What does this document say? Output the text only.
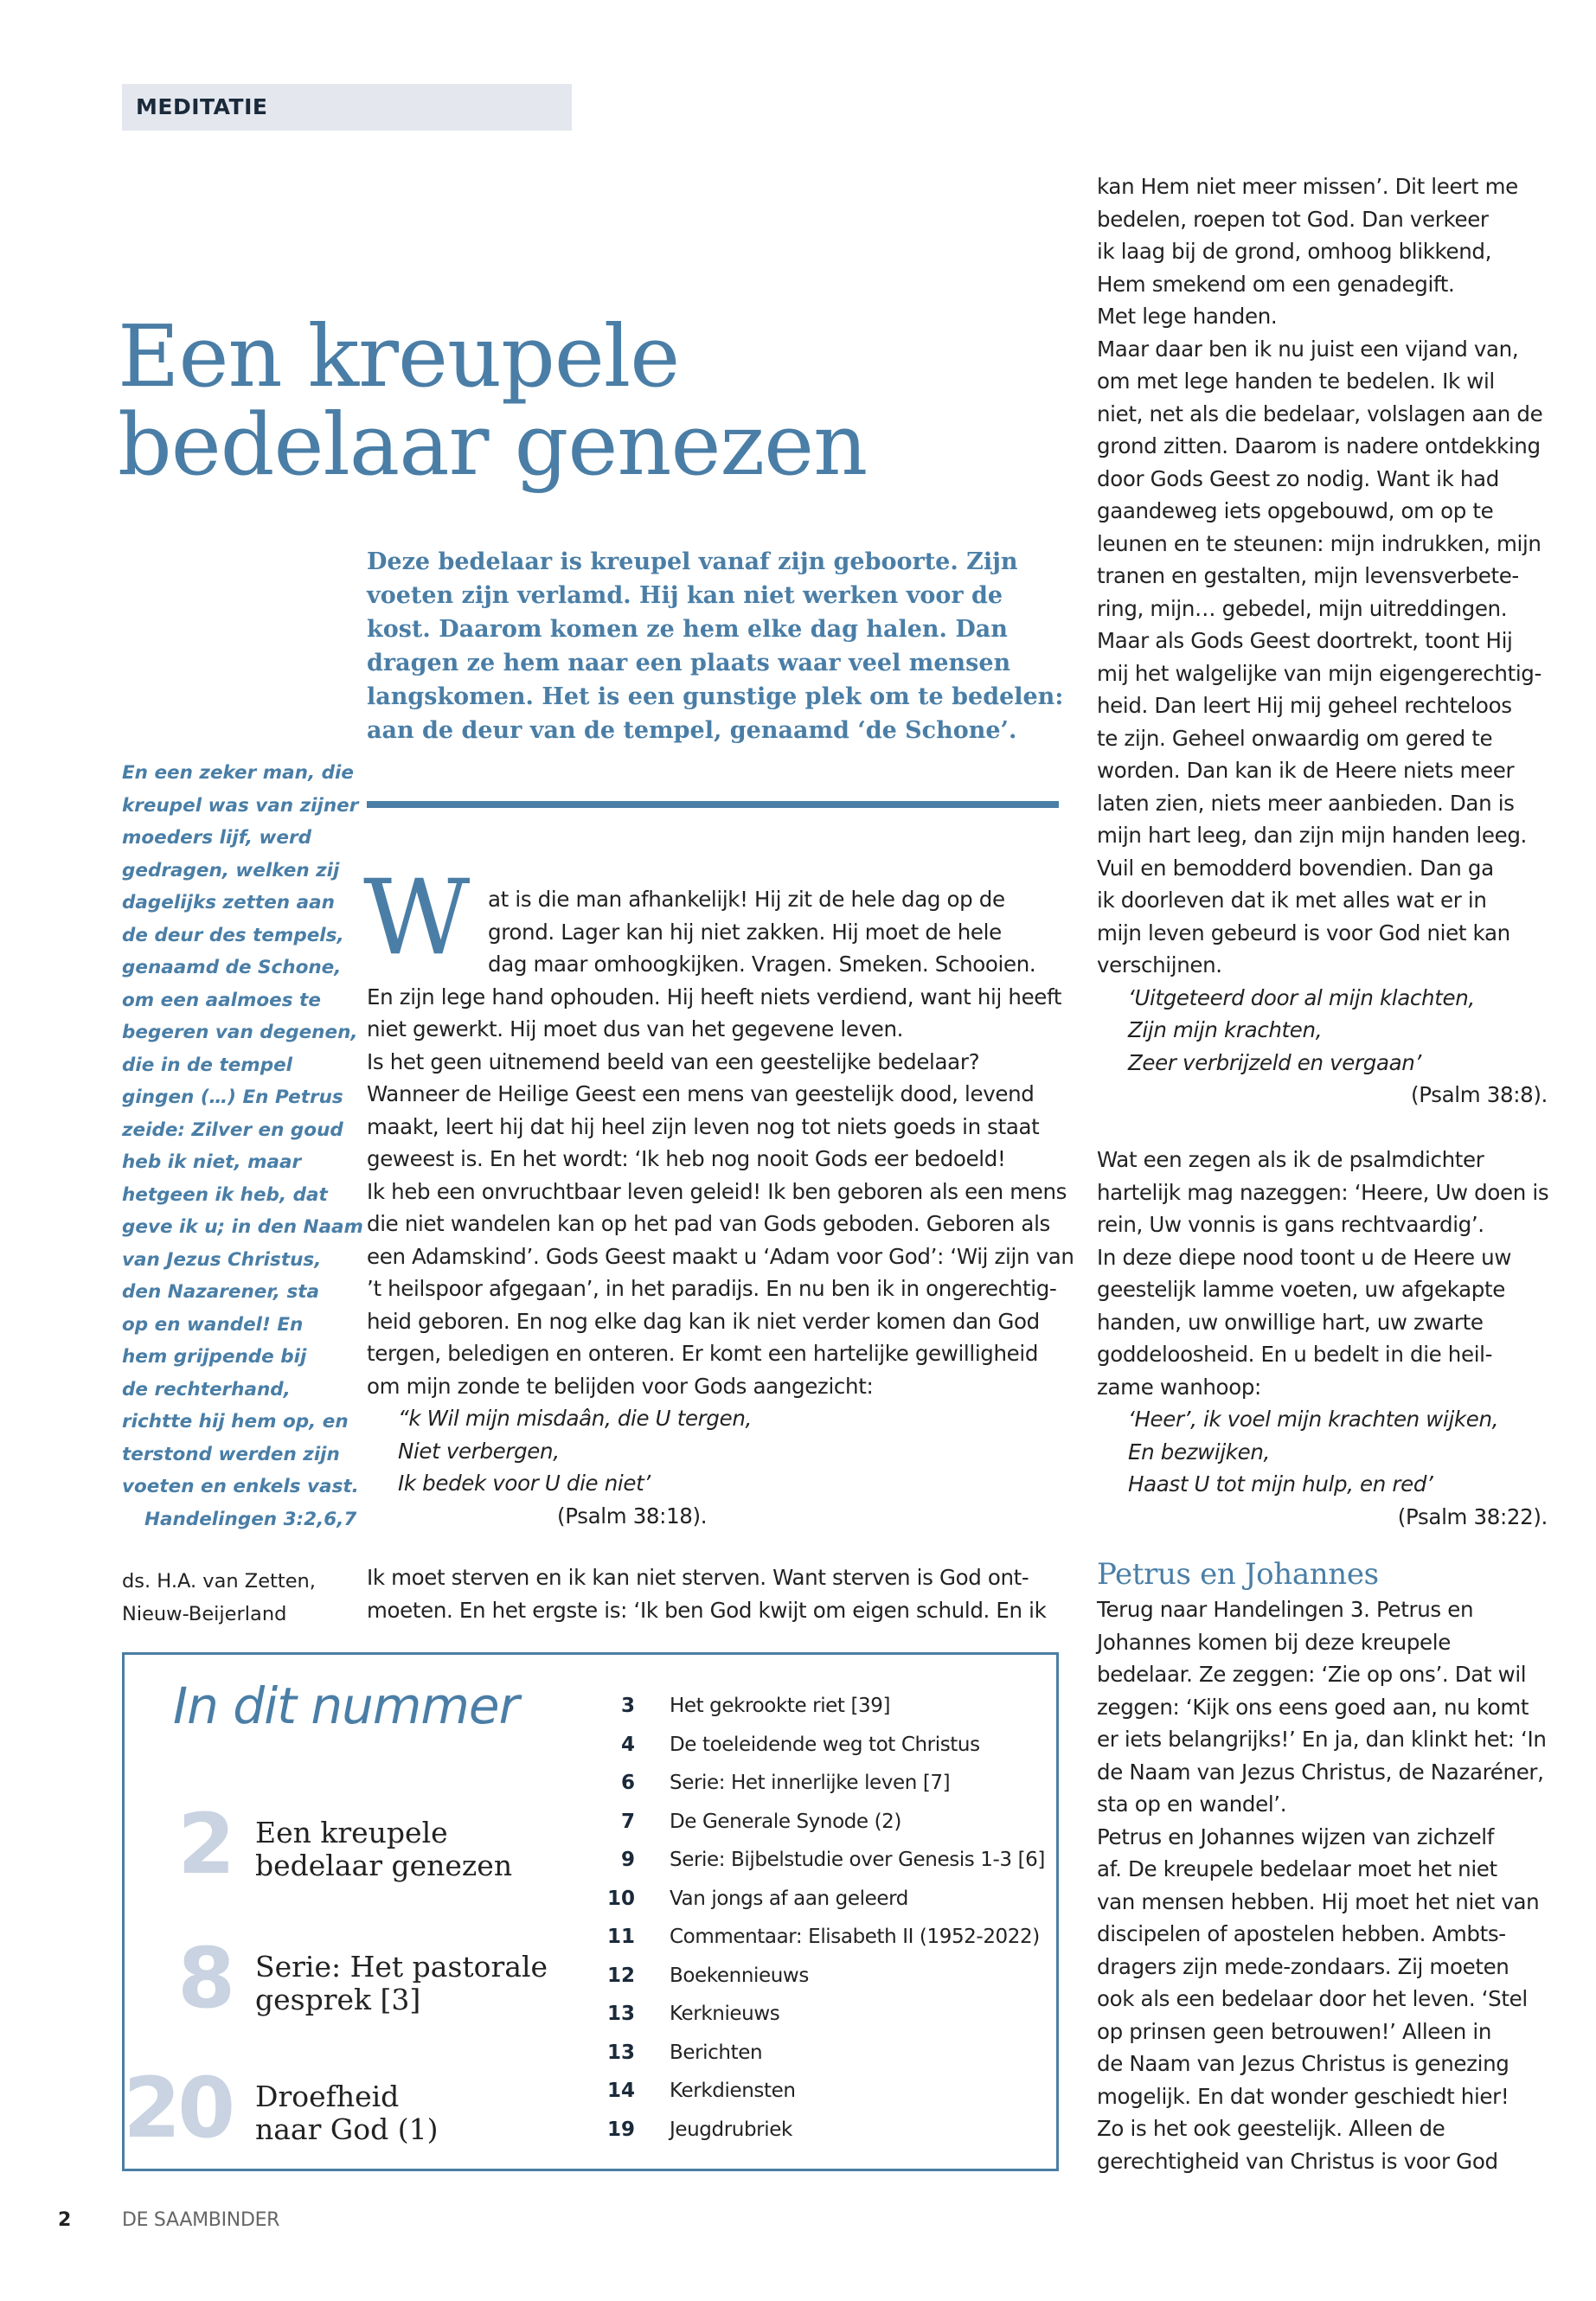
MEDITATIE
Een kreupele
bedelaar genezen
Deze bedelaar is kreupel vanaf zijn geboorte. Zijn
voeten zijn verlamd. Hij kan niet werken voor de
kost. Daarom komen ze hem elke dag halen. Dan
dragen ze hem naar een plaats waar veel mensen
langskomen. Het is een gunstige plek om te bedelen:
aan de deur van de tempel, genaamd ‘de Schone’.
En een zeker man, die
kreupel was van zijner
moeders lijf, werd
gedragen, welken zij
dagelijks zetten aan
de deur des tempels,
genaamd de Schone,
om een aalmoes te
begeren van degenen,
die in de tempel
gingen (…) En Petrus
zeide: Zilver en goud
heb ik niet, maar
hetgeen ik heb, dat
geve ik u; in den Naam
van Jezus Christus,
den Nazarener, sta
op en wandel! En
hem grijpende bij
de rechterhand,
richtte hij hem op, en
terstond werden zijn
voeten en enkels vast.
Handelingen 3:2,6,7
ds. H.A. van Zetten,
Nieuw-Beijerland
W at is die man afhankelijk! Hij zit de hele dag op de
grond. Lager kan hij niet zakken. Hij moet de hele
dag maar omhoogkijken. Vragen. Smeken. Schooien.
En zijn lege hand ophouden. Hij heeft niets verdiend, want hij heeft
niet gewerkt. Hij moet dus van het gegevene leven.
Is het geen uitnemend beeld van een geestelijke bedelaar?
Wanneer de Heilige Geest een mens van geestelijk dood, levend
maakt, leert hij dat hij heel zijn leven nog tot niets goeds in staat
geweest is. En het wordt: ‘Ik heb nog nooit Gods eer bedoeld!
Ik heb een onvruchtbaar leven geleid! Ik ben geboren als een mens
die niet wandelen kan op het pad van Gods geboden. Geboren als
een Adamskind’. Gods Geest maakt u ‘Adam voor God’: ‘Wij zijn van
’t heilspoor afgegaan’, in het paradijs. En nu ben ik in ongerechtig-
heid geboren. En nog elke dag kan ik niet verder komen dan God
tergen, beledigen en onteren. Er komt een hartelijke gewilligheid
om mijn zonde te belijden voor Gods aangezicht:
“k Wil mijn misdaân, die U tergen,
Niet verbergen,
Ik bedek voor U die niet’
(Psalm 38:18).
Ik moet sterven en ik kan niet sterven. Want sterven is God ont-
moeten. En het ergste is: ‘Ik ben God kwijt om eigen schuld. En ik
kan Hem niet meer missen’. Dit leert me
bedelen, roepen tot God. Dan verkeer
ik laag bij de grond, omhoog blikkend,
Hem smekend om een genadegift.
Met lege handen.
Maar daar ben ik nu juist een vijand van,
om met lege handen te bedelen. Ik wil
niet, net als die bedelaar, volslagen aan de
grond zitten. Daarom is nadere ontdekking
door Gods Geest zo nodig. Want ik had
gaandeweg iets opgebouwd, om op te
leunen en te steunen: mijn indrukken, mijn
tranen en gestalten, mijn levensverbete-
ring, mijn… gebedel, mijn uitreddingen.
Maar als Gods Geest doortrekt, toont Hij
mij het walgelijke van mijn eigengerechtig-
heid. Dan leert Hij mij geheel rechteloos
te zijn. Geheel onwaardig om gered te
worden. Dan kan ik de Heere niets meer
laten zien, niets meer aanbieden. Dan is
mijn hart leeg, dan zijn mijn handen leeg.
Vuil en bemodderd bovendien. Dan ga
ik doorleven dat ik met alles wat er in
mijn leven gebeurd is voor God niet kan
verschijnen.
‘Uitgeteerd door al mijn klachten,
Zijn mijn krachten,
Zeer verbrijzeld en vergaan’
(Psalm 38:8).
Wat een zegen als ik de psalmdichter
hartelijk mag nazeggen: ‘Heere, Uw doen is
rein, Uw vonnis is gans rechtvaardig’.
In deze diepe nood toont u de Heere uw
geestelijk lamme voeten, uw afgekapte
handen, uw onwillige hart, uw zwarte
goddeloosheid. En u bedelt in die heil-
zame wanhoop:
‘Heer’, ik voel mijn krachten wijken,
En bezwijken,
Haast U tot mijn hulp, en red’
(Psalm 38:22).
Petrus en Johannes
Terug naar Handelingen 3. Petrus en
Johannes komen bij deze kreupele
bedelaar. Ze zeggen: ‘Zie op ons’. Dat wil
zeggen: ‘Kijk ons eens goed aan, nu komt
er iets belangrijks!’ En ja, dan klinkt het: ‘In
de Naam van Jezus Christus, de Nazaréner,
sta op en wandel’.
Petrus en Johannes wijzen van zichzelf
af. De kreupele bedelaar moet het niet
van mensen hebben. Hij moet het niet van
discipelen of apostelen hebben. Ambts-
dragers zijn mede-zondaars. Zij moeten
ook als een bedelaar door het leven. ‘Stel
op prinsen geen betrouwen!’ Alleen in
de Naam van Jezus Christus is genezing
mogelijk. En dat wonder geschiedt hier!
Zo is het ook geestelijk. Alleen de
gerechtigheid van Christus is voor God
In dit nummer
2 Een kreupele
bedelaar genezen
8 Serie: Het pastorale
gesprek [3]
20 Droefheid
naar God (1)
3 Het gekrookte riet [39]
4 De toeleidende weg tot Christus
6 Serie: Het innerlijke leven [7]
7 De Generale Synode (2)
9 Serie: Bijbelstudie over Genesis 1-3 [6]
10 Van jongs af aan geleerd
11 Commentaar: Elisabeth II (1952-2022)
12 Boekennieuws
13 Kerknieuws
13 Berichten
14 Kerkdiensten
19 Jeugdrubriek
2	DE SAAMBINDER
